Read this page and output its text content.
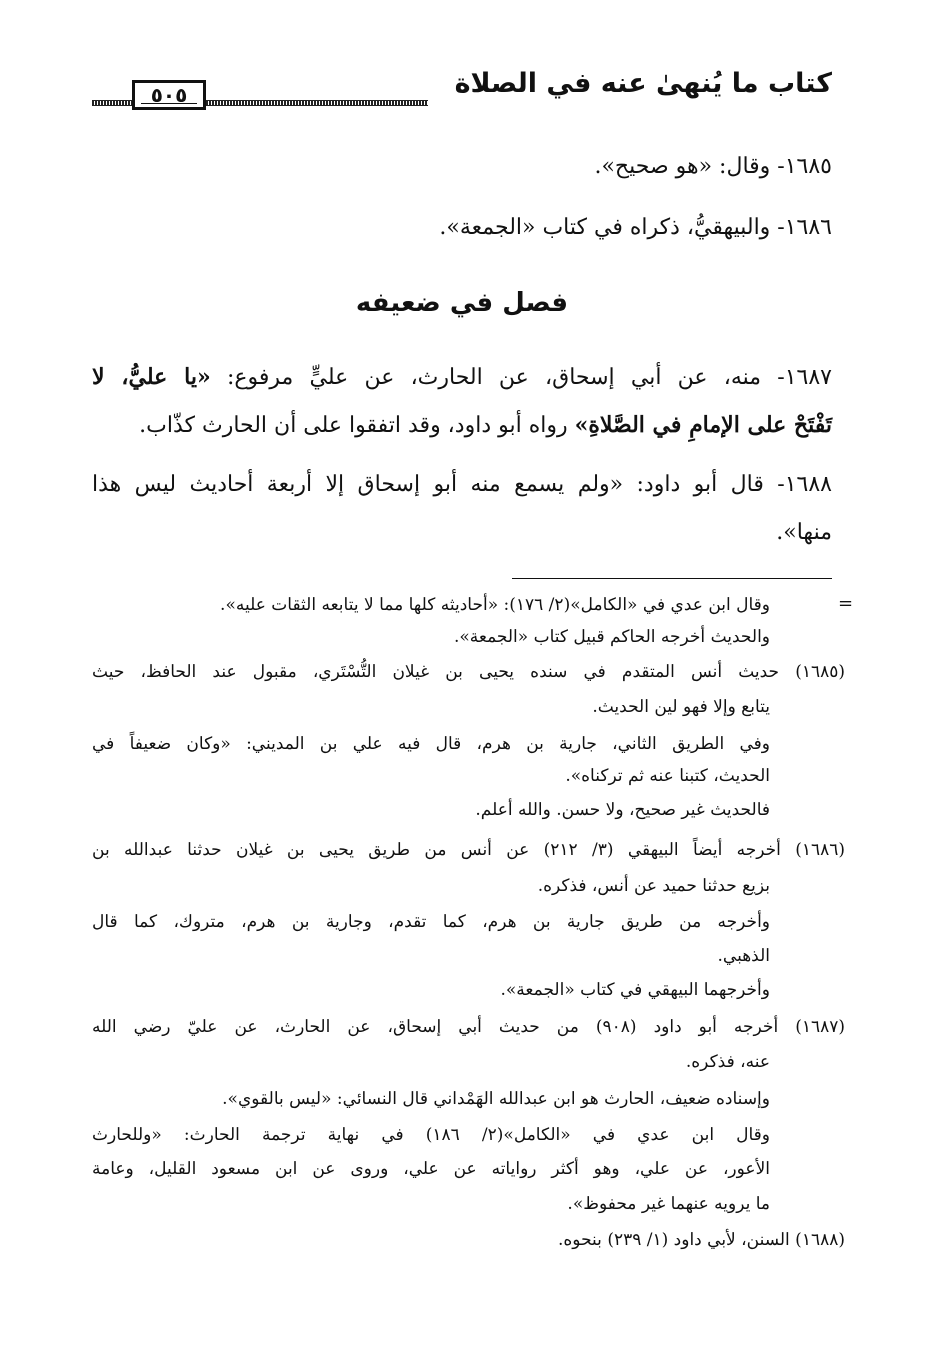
كتاب ما يُنهىٰ عنه في الصلاة
٥٠٥
١٦٨٥- وقال: «هو صحيح».
١٦٨٦- والبيهقيُّ، ذكراه في كتاب «الجمعة».
فصل في ضعيفه
١٦٨٧- منه، عن أبي إسحاق، عن الحارث، عن عليٍّ مرفوع: «يا عليُّ، لا
تَفْتَحْ على الإمامِ في الصَّلاةِ» رواه أبو داود، وقد اتفقوا على أن الحارث كذّاب.
١٦٨٨- قال أبو داود: «ولم يسمع منه أبو إسحاق إلا أربعة أحاديث ليس هذا
منها».
=
وقال ابن عدي في «الكامل»(٢/ ١٧٦): «أحاديثه كلها مما لا يتابعه الثقات عليه».
والحديث أخرجه الحاكم قبيل كتاب «الجمعة».
(١٦٨٥) حديث أنس المتقدم في سنده يحيى بن غيلان التُّسْتَري، مقبول عند الحافظ، حيث
يتابع وإلا فهو لين الحديث.
وفي الطريق الثاني، جارية بن هرم، قال فيه علي بن المديني: «وكان ضعيفاً في
الحديث، كتبنا عنه ثم تركناه».
فالحديث غير صحيح، ولا حسن. والله أعلم.
(١٦٨٦) أخرجه أيضاً البيهقي (٣/ ٢١٢) عن أنس من طريق يحيى بن غيلان حدثنا عبدالله بن
بزيع حدثنا حميد عن أنس، فذكره.
وأخرجه من طريق جارية بن هرم، كما تقدم، وجارية بن هرم، متروك، كما قال
الذهبي.
وأخرجهما البيهقي في كتاب «الجمعة».
(١٦٨٧) أخرجه أبو داود (٩٠٨) من حديث أبي إسحاق، عن الحارث، عن عليّ رضي الله
عنه، فذكره.
وإسناده ضعيف، الحارث هو ابن عبدالله الهَمْداني قال النسائي: «ليس بالقوي».
وقال ابن عدي في «الكامل»(٢/ ١٨٦) في نهاية ترجمة الحارث: «وللحارث
الأعور، عن علي، وهو أكثر رواياته عن علي، وروى عن ابن مسعود القليل، وعامة
ما يرويه عنهما غير محفوظ».
(١٦٨٨) السنن، لأبي داود (١/ ٢٣٩) بنحوه.
